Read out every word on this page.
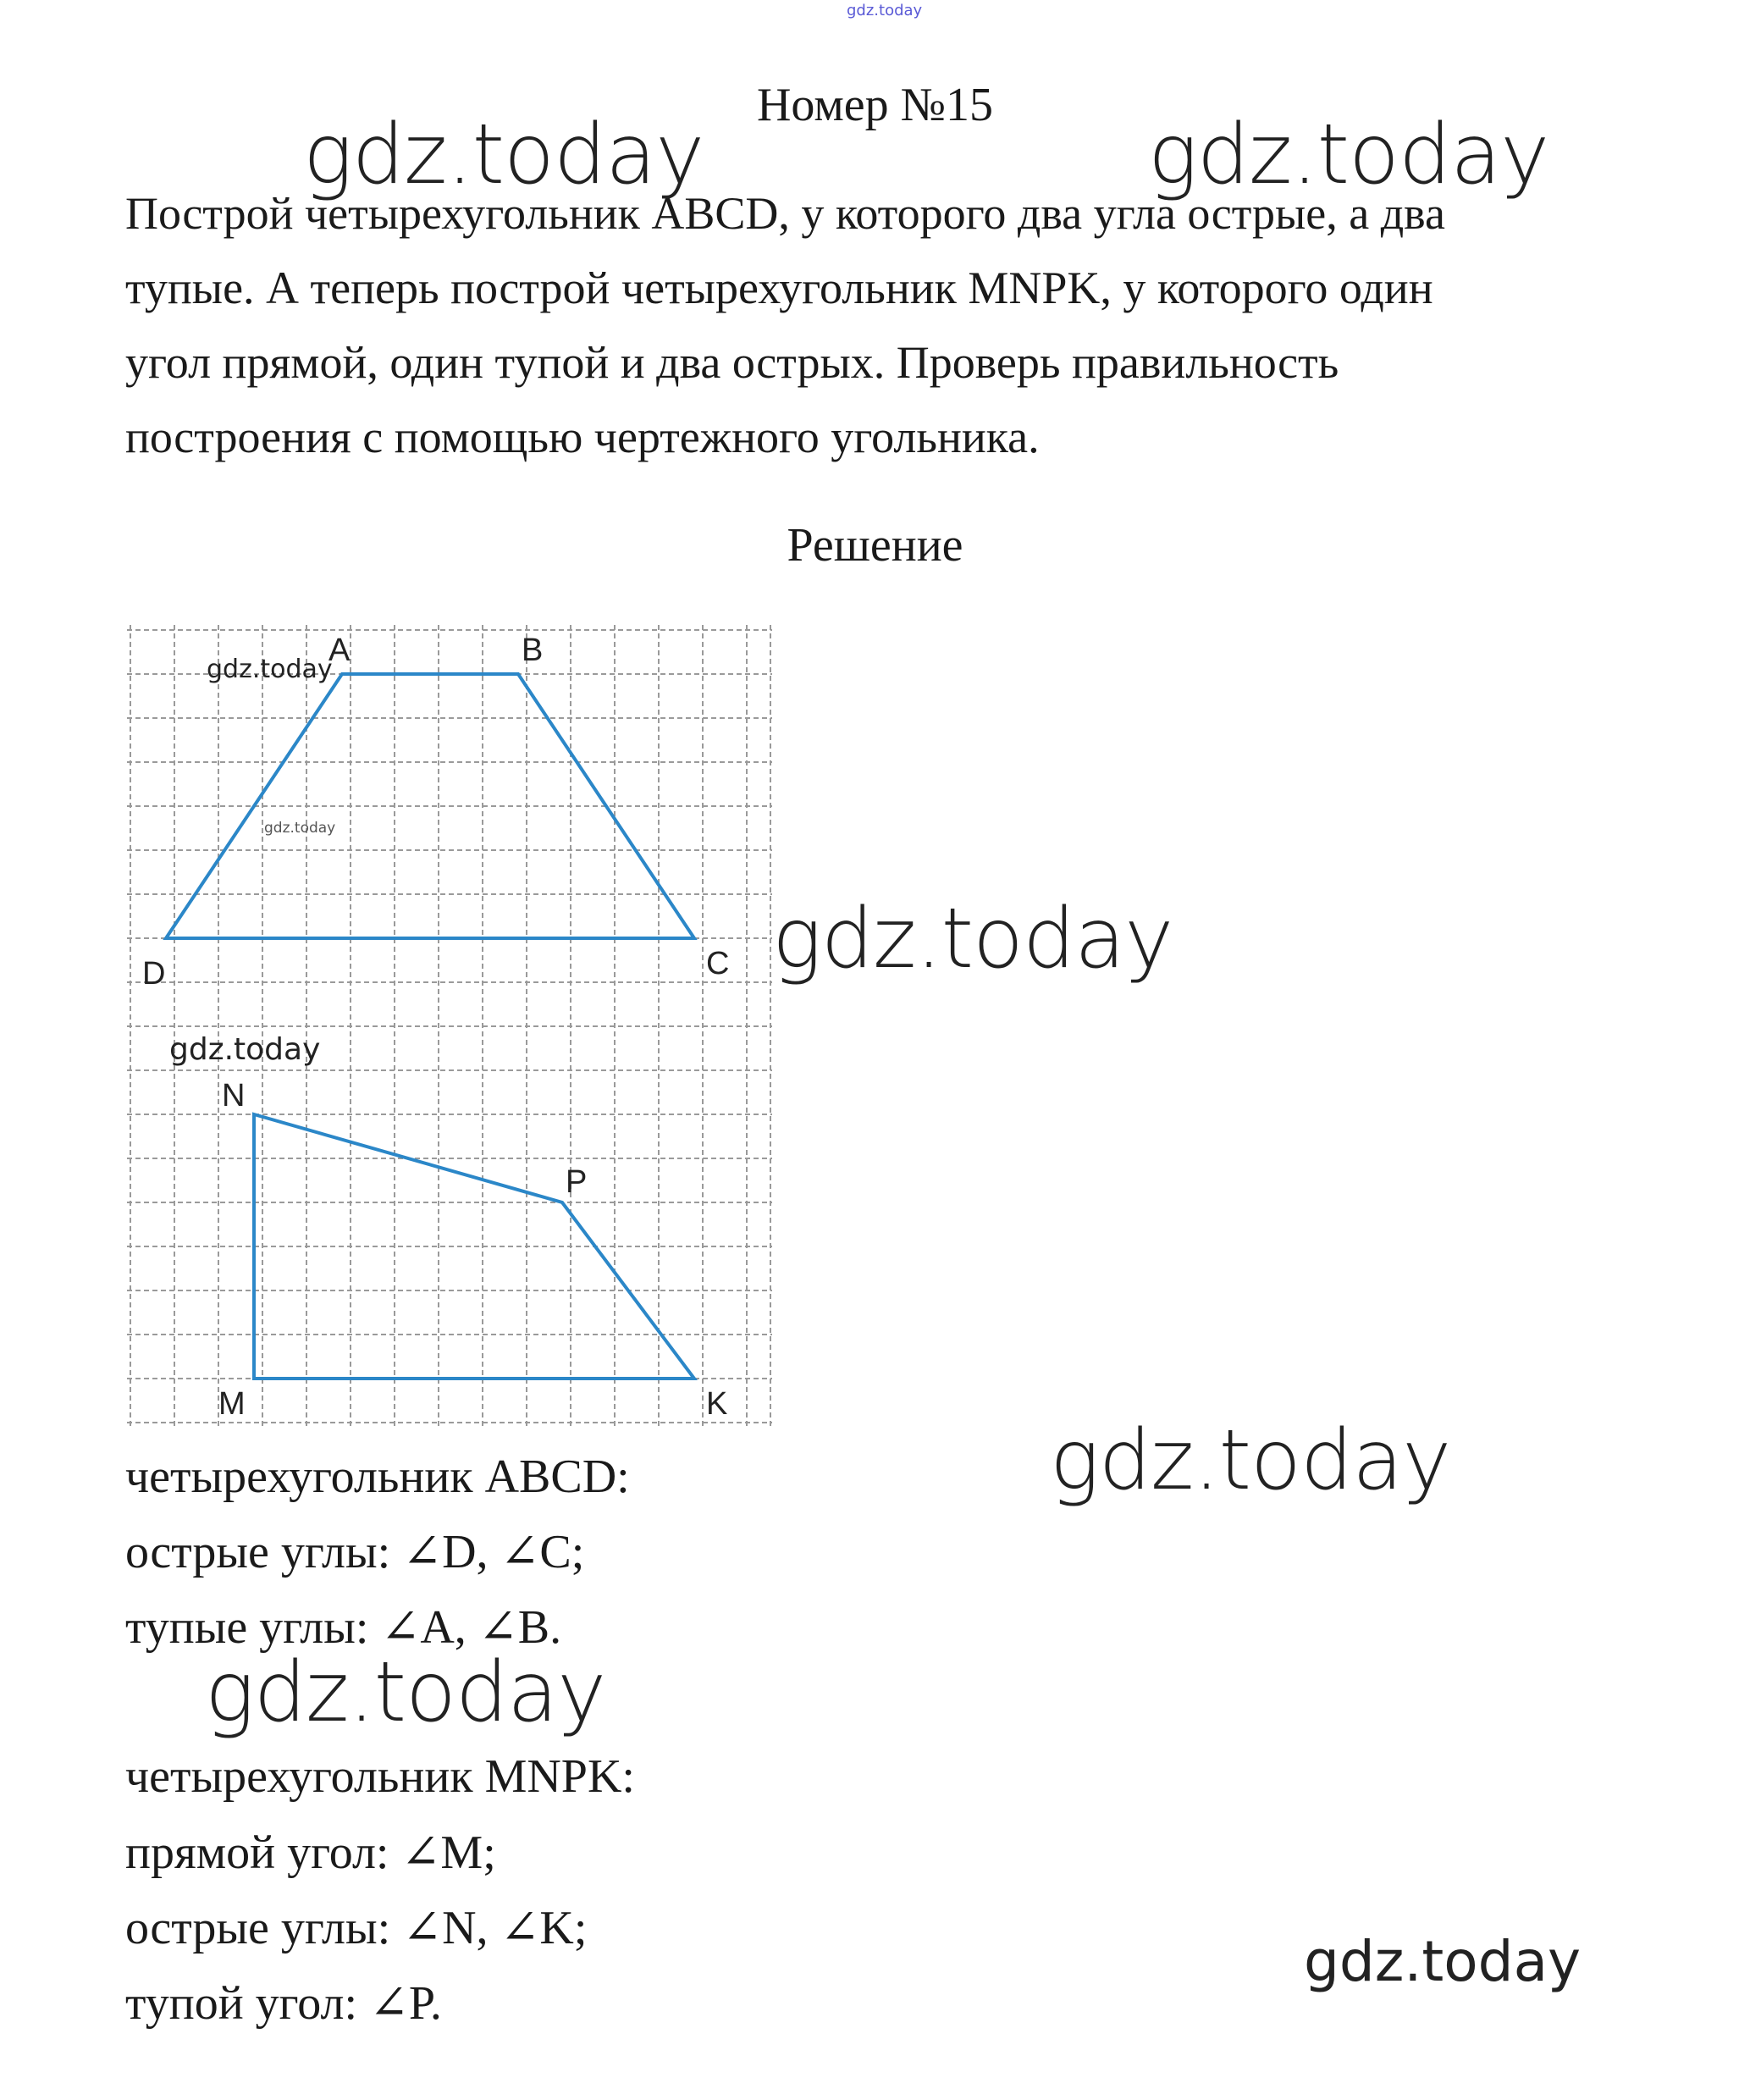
gdz.today
Номер №15
Построй четырехугольник ABCD, у которого два угла острые, а два
тупые. А теперь построй четырехугольник MNPK, у которого один
угол прямой, один тупой и два острых. Проверь правильность
построения с помощью чертежного угольника.
Решение
A	B
D	C
N
P
M	K
четырехугольник ABCD:
острые углы: ∠D, ∠C;
тупые углы: ∠A, ∠B.
четырехугольник MNPK:
прямой угол: ∠M;
острые углы: ∠N, ∠K;
тупой угол: ∠P.
gdz.today	gdz.today
gdz.today
gdz.today
gdz.today
gdz.today
gdz.today
gdz.today
gdz.today
